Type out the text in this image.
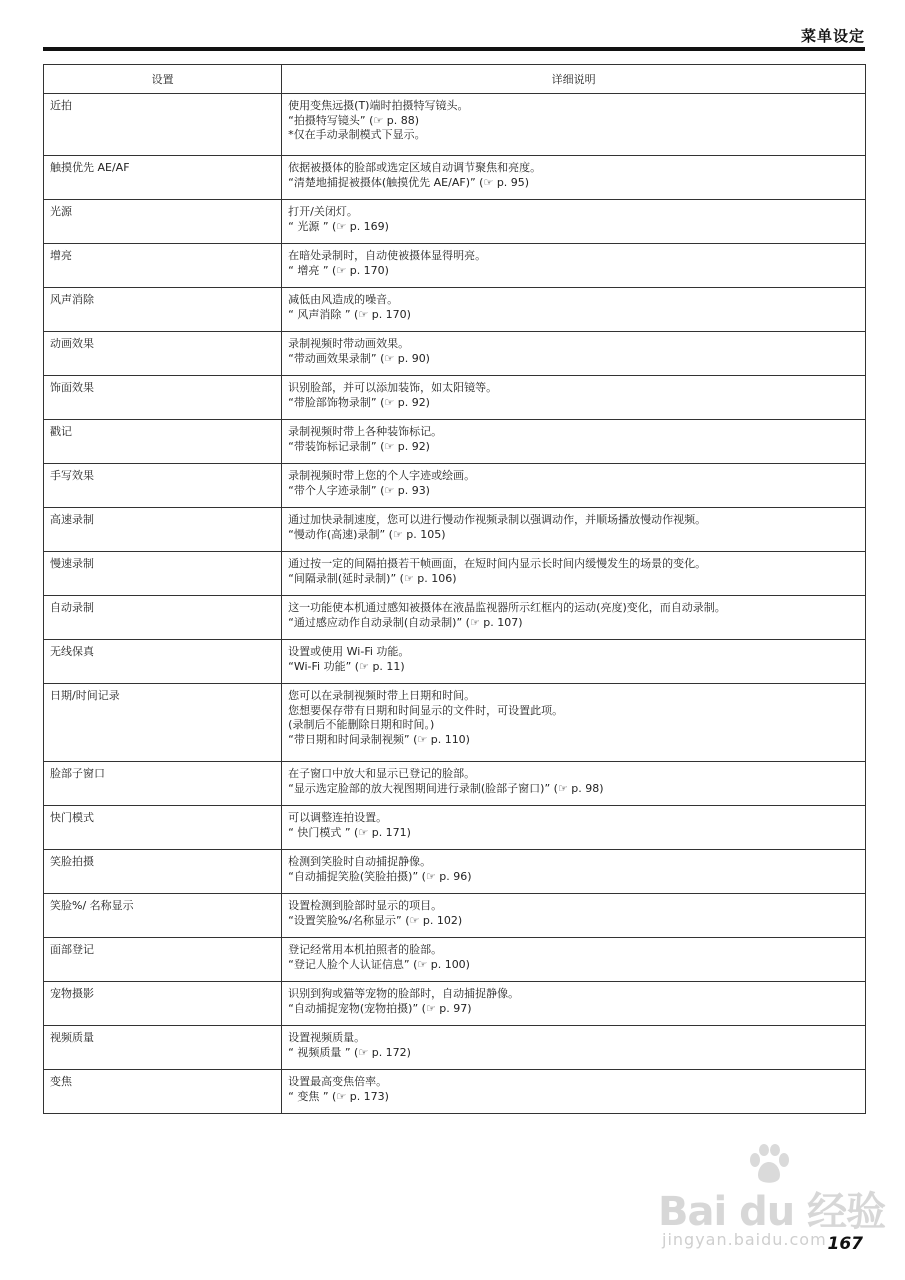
菜单设定
设置	详细说明
近拍	使用变焦远摄(T)端时拍摄特写镜头。
“拍摄特写镜头” (☞ p. 88)
*仅在手动录制模式下显示。

触摸优先 AE/AF	依据被摄体的脸部或选定区域自动调节聚焦和亮度。
“清楚地捕捉被摄体(触摸优先 AE/AF)” (☞ p. 95)

光源	打开/关闭灯。
“ 光源 ” (☞ p. 169)

增亮	在暗处录制时，自动使被摄体显得明亮。
“ 增亮 ” (☞ p. 170)

风声消除	减低由风造成的噪音。
“ 风声消除 ” (☞ p. 170)

动画效果	录制视频时带动画效果。
“带动画效果录制” (☞ p. 90)

饰面效果	识别脸部，并可以添加装饰，如太阳镜等。
“带脸部饰物录制” (☞ p. 92)

戳记	录制视频时带上各种装饰标记。
“带装饰标记录制” (☞ p. 92)

手写效果	录制视频时带上您的个人字迹或绘画。
“带个人字迹录制” (☞ p. 93)

高速录制	通过加快录制速度，您可以进行慢动作视频录制以强调动作，并顺场播放慢动作视频。
“慢动作(高速)录制” (☞ p. 105)

慢速录制	通过按一定的间隔拍摄若干帧画面，在短时间内显示长时间内缓慢发生的场景的变化。
“间隔录制(延时录制)” (☞ p. 106)

自动录制	这一功能使本机通过感知被摄体在液晶监视器所示红框内的运动(亮度)变化，而自动录制。
“通过感应动作自动录制(自动录制)” (☞ p. 107)

无线保真	设置或使用 Wi-Fi 功能。
“Wi-Fi 功能” (☞ p. 11)

日期/时间记录	您可以在录制视频时带上日期和时间。
您想要保存带有日期和时间显示的文件时，可设置此项。
(录制后不能删除日期和时间。)
“带日期和时间录制视频” (☞ p. 110)

脸部子窗口	在子窗口中放大和显示已登记的脸部。
“显示选定脸部的放大视图期间进行录制(脸部子窗口)” (☞ p. 98)

快门模式	可以调整连拍设置。
“ 快门模式 ” (☞ p. 171)

笑脸拍摄	检测到笑脸时自动捕捉静像。
“自动捕捉笑脸(笑脸拍摄)” (☞ p. 96)

笑脸%/ 名称显示	设置检测到脸部时显示的项目。
“设置笑脸%/名称显示” (☞ p. 102)

面部登记	登记经常用本机拍照者的脸部。
“登记人脸个人认证信息” (☞ p. 100)

宠物摄影	识别到狗或猫等宠物的脸部时，自动捕捉静像。
“自动捕捉宠物(宠物拍摄)” (☞ p. 97)

视频质量	设置视频质量。
“ 视频质量 ” (☞ p. 172)

变焦	设置最高变焦倍率。
“ 变焦 ” (☞ p. 173)
Bai du 经验
jingyan.baidu.com 167
